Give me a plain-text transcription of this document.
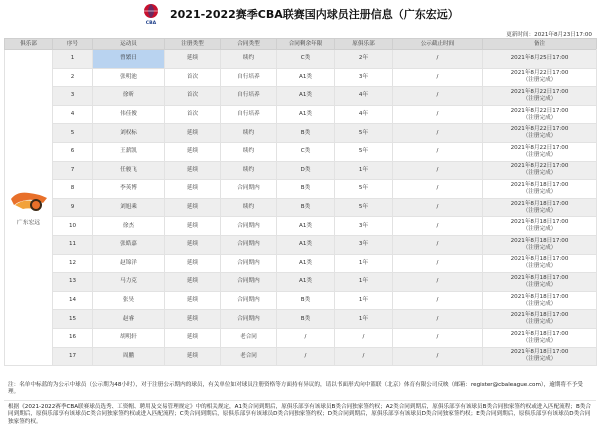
CBA
2021-2022赛季CBA联赛国内球员注册信息（广东宏远）
更新时间：2021年8月23日17:00
俱乐部	序号	运动员	注册类型	合同类型	合同剩余年限	原俱乐部	公示截止时间	备注	

广东宏远	1	曾繁日	延续	续约	C类	2年	/	2021年8月25日17:00	

	2	张明池	首次	自行培养	A1类	3年	/	2021年8月22日17:00
（注册完成）	

	3	徐昕	首次	自行培养	A1类	4年	/	2021年8月22日17:00
（注册完成）	

	4	伟佳俊	首次	自行培养	A1类	4年	/	2021年8月22日17:00
（注册完成）	

	5	刘权标	延续	续约	B类	5年	/	2021年8月22日17:00
（注册完成）	

	6	王薪凯	延续	续约	C类	5年	/	2021年8月22日17:00
（注册完成）	

	7	任骏飞	延续	续约	D类	1年	/	2021年8月22日17:00
（注册完成）	

	8	李英博	延续	合同期内	B类	5年	/	2021年8月18日17:00
（注册完成）

	9	刘旭乘	延续	续约	B类	5年	/	2021年8月18日17:00
（注册完成）

	10	徐杰	延续	合同期内	A1类	3年	/	2021年8月18日17:00
（注册完成）	

	11	张皓嘉	延续	合同期内	A1类	3年	/	2021年8月18日17:00
（注册完成）	

	12	赵锦洋	延续	合同期内	A1类	1年	/	2021年8月18日17:00
（注册完成）	

	13	马力克	延续	合同期内	A1类	1年	/	2021年8月18日17:00
（注册完成）	

	14	张昊	延续	合同期内	B类	1年	/	2021年8月18日17:00
（注册完成）	

	15	赵睿	延续	合同期内	B类	1年	/	2021年8月18日17:00
（注册完成）	

	16	胡明轩	延续	老合同	/	/	/	2021年8月18日17:00
（注册完成）	

	17	周鹏	延续	老合同	/	/	/	2021年8月18日17:00
（注册完成）	

注：名单中标蓝的为公示中球员（公示期为48小时），对于注册公示期内的球员，有关单位如对球员注册资格等方面持有异议的，请以书面形式向中篮联（北京）体育有限公司反映（邮箱：register@cbaleague.com），逾期将不予受理。
根据《2021-2022赛季CBA联赛球员选秀、工资帽、聘用及交易管理规定》中的相关规定，A1类合同到期后，原俱乐部享有该球员B类合同独家签约权；A2类合同到期后，原俱乐部享有该球员B类合同独家签约权或进入匹配流程；B类合同到期后，原俱乐部享有该球员C类合同独家签约权或进入匹配流程；C类合同到期后，原俱乐部享有该球员D类合同独家签约权；D类合同到期后，原俱乐部享有该球员D类合同独家签约权；E类合同到期后，原俱乐部享有该球员D类合同独家签约权。
